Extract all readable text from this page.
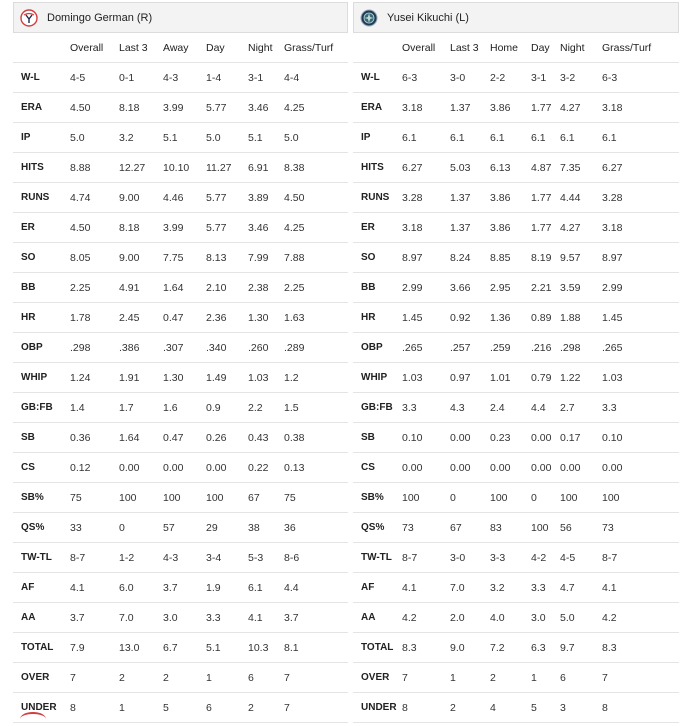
Domingo German (R)
	Overall	Last 3	Away	Day	Night	Grass/Turf
W-L	4-5	0-1	4-3	1-4	3-1	4-4
ERA	4.50	8.18	3.99	5.77	3.46	4.25
IP	5.0	3.2	5.1	5.0	5.1	5.0
HITS	8.88	12.27	10.10	11.27	6.91	8.38
RUNS	4.74	9.00	4.46	5.77	3.89	4.50
ER	4.50	8.18	3.99	5.77	3.46	4.25
SO	8.05	9.00	7.75	8.13	7.99	7.88
BB	2.25	4.91	1.64	2.10	2.38	2.25
HR	1.78	2.45	0.47	2.36	1.30	1.63
OBP	.298	.386	.307	.340	.260	.289
WHIP	1.24	1.91	1.30	1.49	1.03	1.2
GB:FB	1.4	1.7	1.6	0.9	2.2	1.5
SB	0.36	1.64	0.47	0.26	0.43	0.38
CS	0.12	0.00	0.00	0.00	0.22	0.13
SB%	75	100	100	100	67	75
QS%	33	0	57	29	38	36
TW-TL	8-7	1-2	4-3	3-4	5-3	8-6
AF	4.1	6.0	3.7	1.9	6.1	4.4
AA	3.7	7.0	3.0	3.3	4.1	3.7
TOTAL	7.9	13.0	6.7	5.1	10.3	8.1
OVER	7	2	2	1	6	7
UNDER	8	1	5	6	2	7
Yusei Kikuchi (L)
	Overall	Last 3	Home	Day	Night	Grass/Turf
W-L	6-3	3-0	2-2	3-1	3-2	6-3
ERA	3.18	1.37	3.86	1.77	4.27	3.18
IP	6.1	6.1	6.1	6.1	6.1	6.1
HITS	6.27	5.03	6.13	4.87	7.35	6.27
RUNS	3.28	1.37	3.86	1.77	4.44	3.28
ER	3.18	1.37	3.86	1.77	4.27	3.18
SO	8.97	8.24	8.85	8.19	9.57	8.97
BB	2.99	3.66	2.95	2.21	3.59	2.99
HR	1.45	0.92	1.36	0.89	1.88	1.45
OBP	.265	.257	.259	.216	.298	.265
WHIP	1.03	0.97	1.01	0.79	1.22	1.03
GB:FB	3.3	4.3	2.4	4.4	2.7	3.3
SB	0.10	0.00	0.23	0.00	0.17	0.10
CS	0.00	0.00	0.00	0.00	0.00	0.00
SB%	100	0	100	0	100	100
QS%	73	67	83	100	56	73
TW-TL	8-7	3-0	3-3	4-2	4-5	8-7
AF	4.1	7.0	3.2	3.3	4.7	4.1
AA	4.2	2.0	4.0	3.0	5.0	4.2
TOTAL	8.3	9.0	7.2	6.3	9.7	8.3
OVER	7	1	2	1	6	7
UNDER	8	2	4	5	3	8
